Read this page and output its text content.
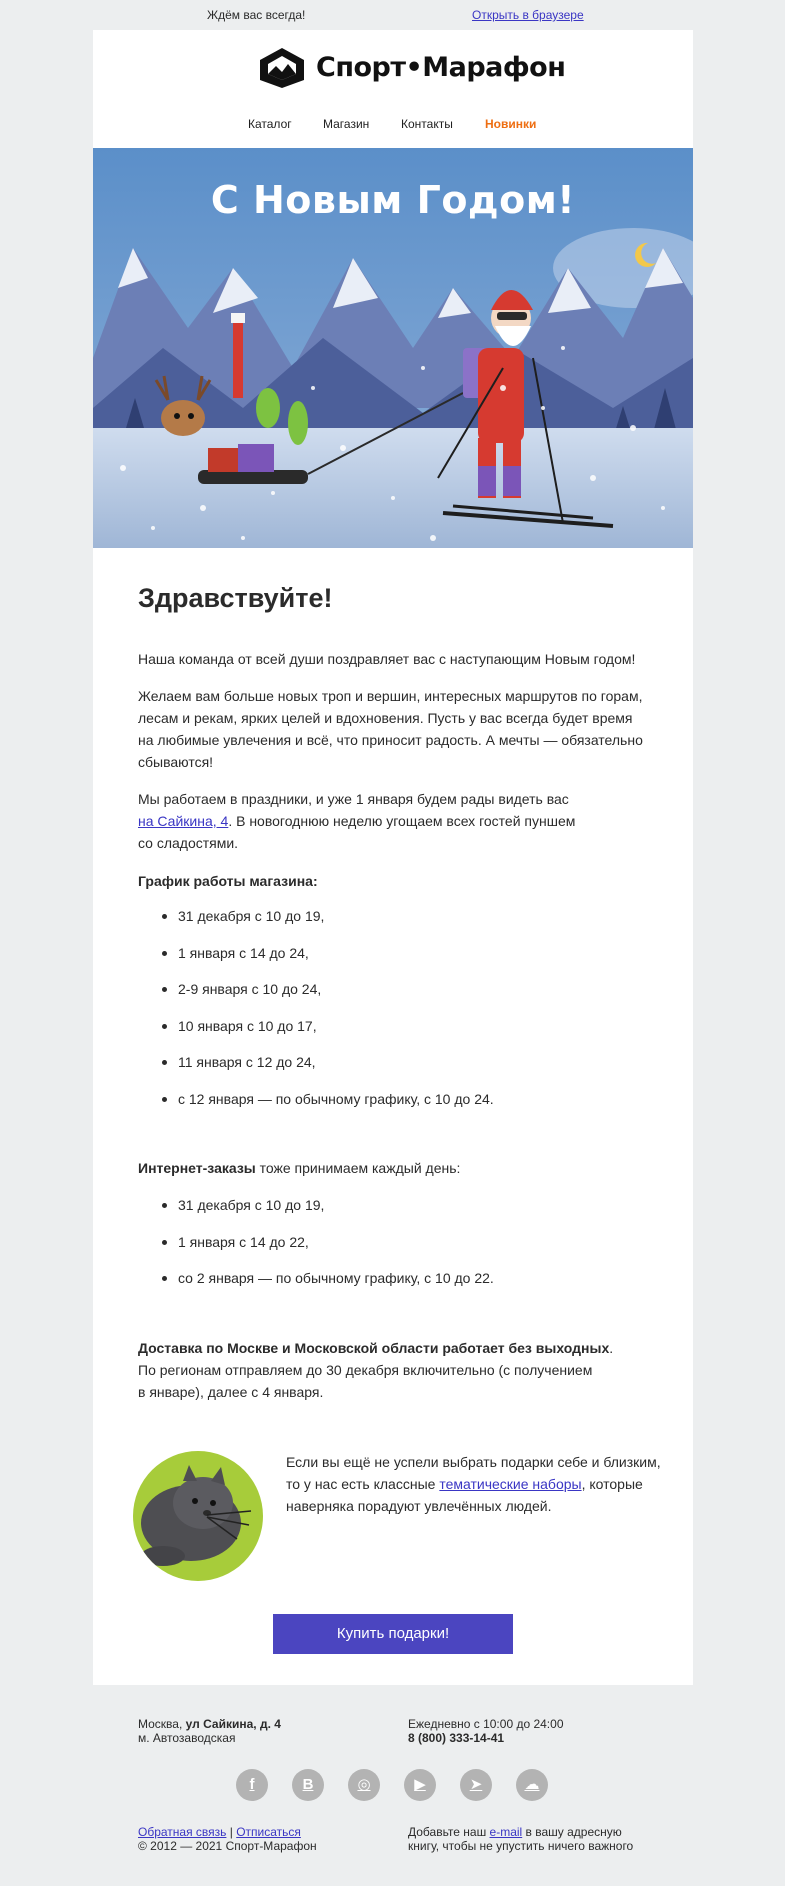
Ждём вас всегда!	Открыть в браузере
Спорт•Марафон
Каталог	Магазин	Контакты	Новинки
С Новым Годом!
Здравствуйте!
Наша команда от всей души поздравляет вас с наступающим Новым годом!
Желаем вам больше новых троп и вершин, интересных маршрутов по горам, лесам и рекам, ярких целей и вдохновения. Пусть у вас всегда будет время на любимые увлечения и всё, что приносит радость. А мечты — обязательно сбываются!
Мы работаем в праздники, и уже 1 января будем рады видеть вас
на Сайкина, 4. В новогоднюю неделю угощаем всех гостей пуншем со сладостями.
График работы магазина:
31 декабря с 10 до 19,
1 января с 14 до 24,
2-9 января с 10 до 24,
10 января с 10 до 17,
11 января с 12 до 24,
с 12 января — по обычному графику, с 10 до 24.
Интернет-заказы тоже принимаем каждый день:
31 декабря с 10 до 19,
1 января с 14 до 22,
со 2 января — по обычному графику, с 10 до 22.
Доставка по Москве и Московской области работает без выходных.
По регионам отправляем до 30 декабря включительно (с получением
в январе), далее с 4 января.
Если вы ещё не успели выбрать подарки себе и близким, то у нас есть классные тематические наборы, которые наверняка порадуют увлечённых людей.
Купить подарки!
Москва, ул Сайкина, д. 4
м. Автозаводская
Ежедневно с 10:00 до 24:00
8 (800) 333-14-41
f	В	◎	▶	➤	☁
Обратная связь | Отписаться
© 2012 — 2021 Спорт-Марафон
Добавьте наш e-mail в вашу адресную
книгу, чтобы не упустить ничего важного
